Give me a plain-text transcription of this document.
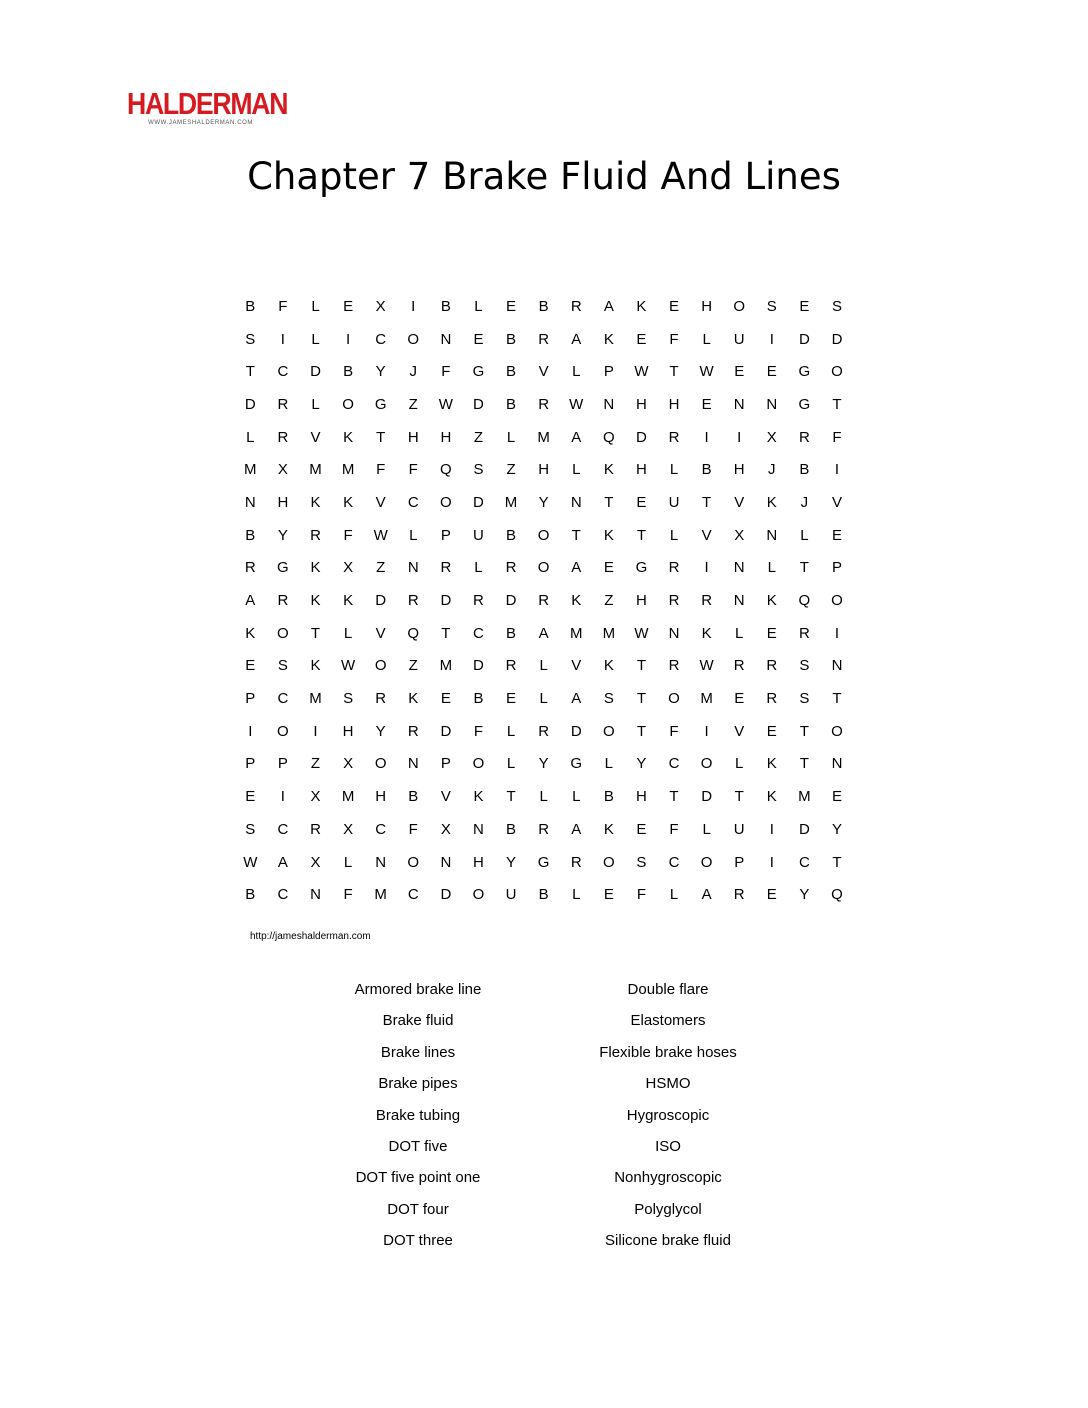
HALDERMAN
WWW.JAMESHALDERMAN.COM
Chapter 7 Brake Fluid And Lines
B	F	L	E	X	I	B	L	E	B	R	A	K	E	H	O	S	E	S
S	I	L	I	C	O	N	E	B	R	A	K	E	F	L	U	I	D	D
T	C	D	B	Y	J	F	G	B	V	L	P	W	T	W	E	E	G	O
D	R	L	O	G	Z	W	D	B	R	W	N	H	H	E	N	N	G	T
L	R	V	K	T	H	H	Z	L	M	A	Q	D	R	I	I	X	R	F
M	X	M	M	F	F	Q	S	Z	H	L	K	H	L	B	H	J	B	I
N	H	K	K	V	C	O	D	M	Y	N	T	E	U	T	V	K	J	V
B	Y	R	F	W	L	P	U	B	O	T	K	T	L	V	X	N	L	E
R	G	K	X	Z	N	R	L	R	O	A	E	G	R	I	N	L	T	P
A	R	K	K	D	R	D	R	D	R	K	Z	H	R	R	N	K	Q	O
K	O	T	L	V	Q	T	C	B	A	M	M	W	N	K	L	E	R	I
E	S	K	W	O	Z	M	D	R	L	V	K	T	R	W	R	R	S	N
P	C	M	S	R	K	E	B	E	L	A	S	T	O	M	E	R	S	T
I	O	I	H	Y	R	D	F	L	R	D	O	T	F	I	V	E	T	O
P	P	Z	X	O	N	P	O	L	Y	G	L	Y	C	O	L	K	T	N
E	I	X	M	H	B	V	K	T	L	L	B	H	T	D	T	K	M	E
S	C	R	X	C	F	X	N	B	R	A	K	E	F	L	U	I	D	Y
W	A	X	L	N	O	N	H	Y	G	R	O	S	C	O	P	I	C	T
B	C	N	F	M	C	D	O	U	B	L	E	F	L	A	R	E	Y	Q
http://jameshalderman.com
Armored brake line
Brake fluid
Brake lines
Brake pipes
Brake tubing
DOT five
DOT five point one
DOT four
DOT three
Double flare
Elastomers
Flexible brake hoses
HSMO
Hygroscopic
ISO
Nonhygroscopic
Polyglycol
Silicone brake fluid
